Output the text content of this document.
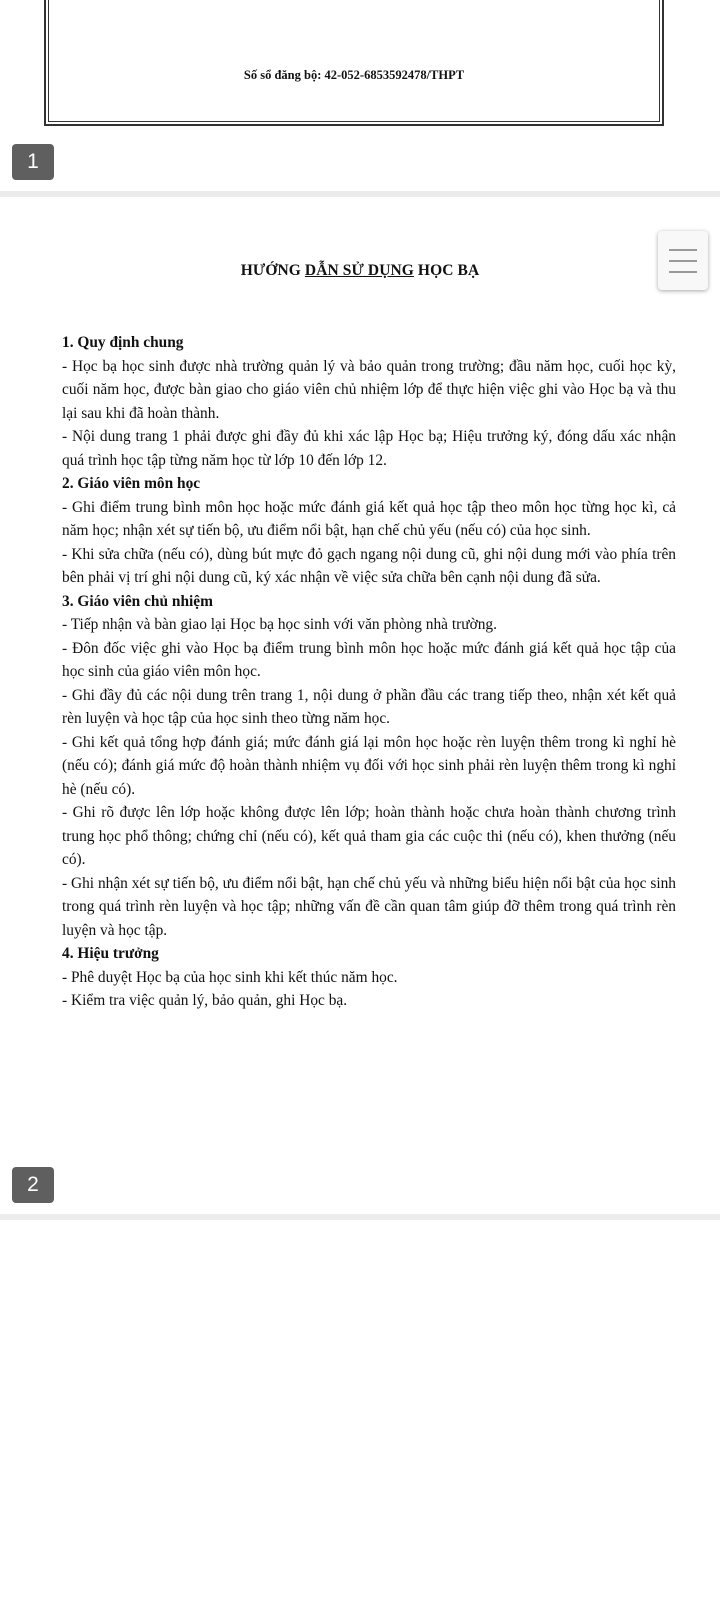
Số sổ đăng bộ: 42-052-6853592478/THPT
1
HƯỚNG DẪN SỬ DỤNG HỌC BẠ

1. Quy định chung

- Học bạ học sinh được nhà trường quản lý và bảo quản trong trường; đầu năm học, cuối học kỳ, cuối năm học, được bàn giao cho giáo viên chủ nhiệm lớp để thực hiện việc ghi vào Học bạ và thu lại sau khi đã hoàn thành.

- Nội dung trang 1 phải được ghi đầy đủ khi xác lập Học bạ; Hiệu trưởng ký, đóng dấu xác nhận quá trình học tập từng năm học từ lớp 10 đến lớp 12.

2. Giáo viên môn học

- Ghi điểm trung bình môn học hoặc mức đánh giá kết quả học tập theo môn học từng học kì, cả năm học; nhận xét sự tiến bộ, ưu điểm nổi bật, hạn chế chủ yếu (nếu có) của học sinh.

- Khi sửa chữa (nếu có), dùng bút mực đỏ gạch ngang nội dung cũ, ghi nội dung mới vào phía trên bên phải vị trí ghi nội dung cũ, ký xác nhận về việc sửa chữa bên cạnh nội dung đã sửa.

3. Giáo viên chủ nhiệm

- Tiếp nhận và bàn giao lại Học bạ học sinh với văn phòng nhà trường.

- Đôn đốc việc ghi vào Học bạ điểm trung bình môn học hoặc mức đánh giá kết quả học tập của học sinh của giáo viên môn học.

- Ghi đầy đủ các nội dung trên trang 1, nội dung ở phần đầu các trang tiếp theo, nhận xét kết quả rèn luyện và học tập của học sinh theo từng năm học.

- Ghi kết quả tổng hợp đánh giá; mức đánh giá lại môn học hoặc rèn luyện thêm trong kì nghỉ hè (nếu có); đánh giá mức độ hoàn thành nhiệm vụ đối với học sinh phải rèn luyện thêm trong kì nghỉ hè (nếu có).

- Ghi rõ được lên lớp hoặc không được lên lớp; hoàn thành hoặc chưa hoàn thành chương trình trung học phổ thông; chứng chỉ (nếu có), kết quả tham gia các cuộc thi (nếu có), khen thưởng (nếu có).

- Ghi nhận xét sự tiến bộ, ưu điểm nổi bật, hạn chế chủ yếu và những biểu hiện nổi bật của học sinh trong quá trình rèn luyện và học tập; những vấn đề cần quan tâm giúp đỡ thêm trong quá trình rèn luyện và học tập.

4. Hiệu trưởng

- Phê duyệt Học bạ của học sinh khi kết thúc năm học.

- Kiểm tra việc quản lý, bảo quản, ghi Học bạ.

2
